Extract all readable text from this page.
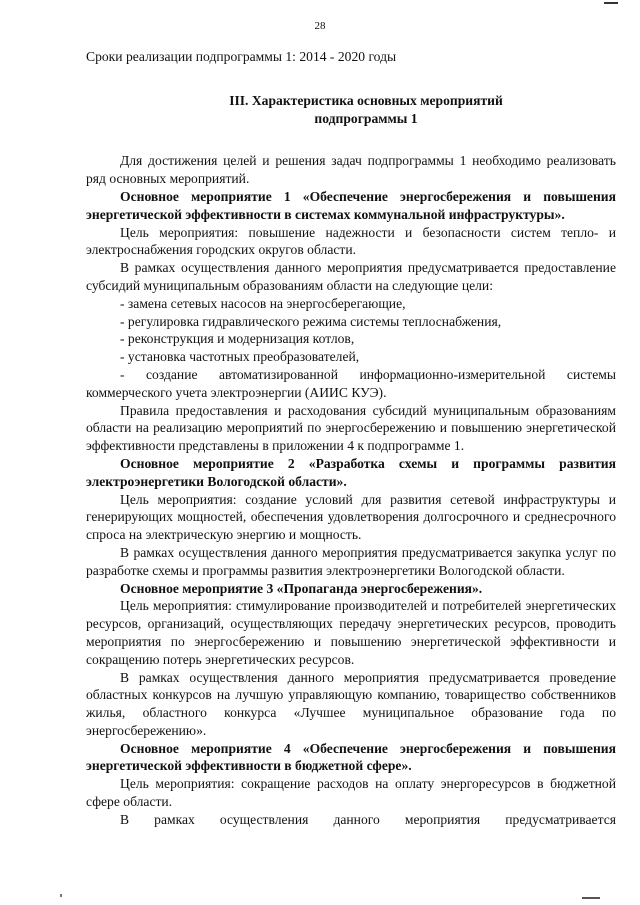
28

Сроки реализации подпрограммы 1: 2014 - 2020 годы

III. Характеристика основных мероприятий
подпрограммы 1

Для достижения целей и решения задач подпрограммы 1 необходимо реализовать ряд основных мероприятий.

Основное мероприятие 1 «Обеспечение энергосбережения и повышения энергетической эффективности в системах коммунальной инфраструктуры».

Цель мероприятия: повышение надежности и безопасности систем тепло- и электроснабжения городских округов области.

В рамках осуществления данного мероприятия предусматривается предоставление субсидий муниципальным образованиям области на следующие цели:

- замена сетевых насосов на энергосберегающие,

- регулировка гидравлического режима системы теплоснабжения,

- реконструкция и модернизация котлов,

- установка частотных преобразователей,

- создание автоматизированной информационно-измерительной системы коммерческого учета электроэнергии (АИИС КУЭ).

Правила предоставления и расходования субсидий муниципальным образованиям области на реализацию мероприятий по энергосбережению и повышению энергетической эффективности представлены в приложении 4 к подпрограмме 1.

Основное мероприятие 2 «Разработка схемы и программы развития электроэнергетики Вологодской области».

Цель мероприятия: создание условий для развития сетевой инфраструктуры и генерирующих мощностей, обеспечения удовлетворения долгосрочного и среднесрочного спроса на электрическую энергию и мощность.

В рамках осуществления данного мероприятия предусматривается закупка услуг по разработке схемы и программы развития электроэнергетики Вологодской области.

Основное мероприятие 3 «Пропаганда энергосбережения».

Цель мероприятия: стимулирование производителей и потребителей энергетических ресурсов, организаций, осуществляющих передачу энергетических ресурсов, проводить мероприятия по энергосбережению и повышению энергетической эффективности и сокращению потерь энергетических ресурсов.

В рамках осуществления данного мероприятия предусматривается проведение областных конкурсов на лучшую управляющую компанию, товарищество собственников жилья, областного конкурса «Лучшее муниципальное образование года по энергосбережению».

Основное мероприятие 4 «Обеспечение энергосбережения и повышения энергетической эффективности в бюджетной сфере».

Цель мероприятия: сокращение расходов на оплату энергоресурсов в бюджетной сфере области.

В рамках осуществления данного мероприятия предусматривается
